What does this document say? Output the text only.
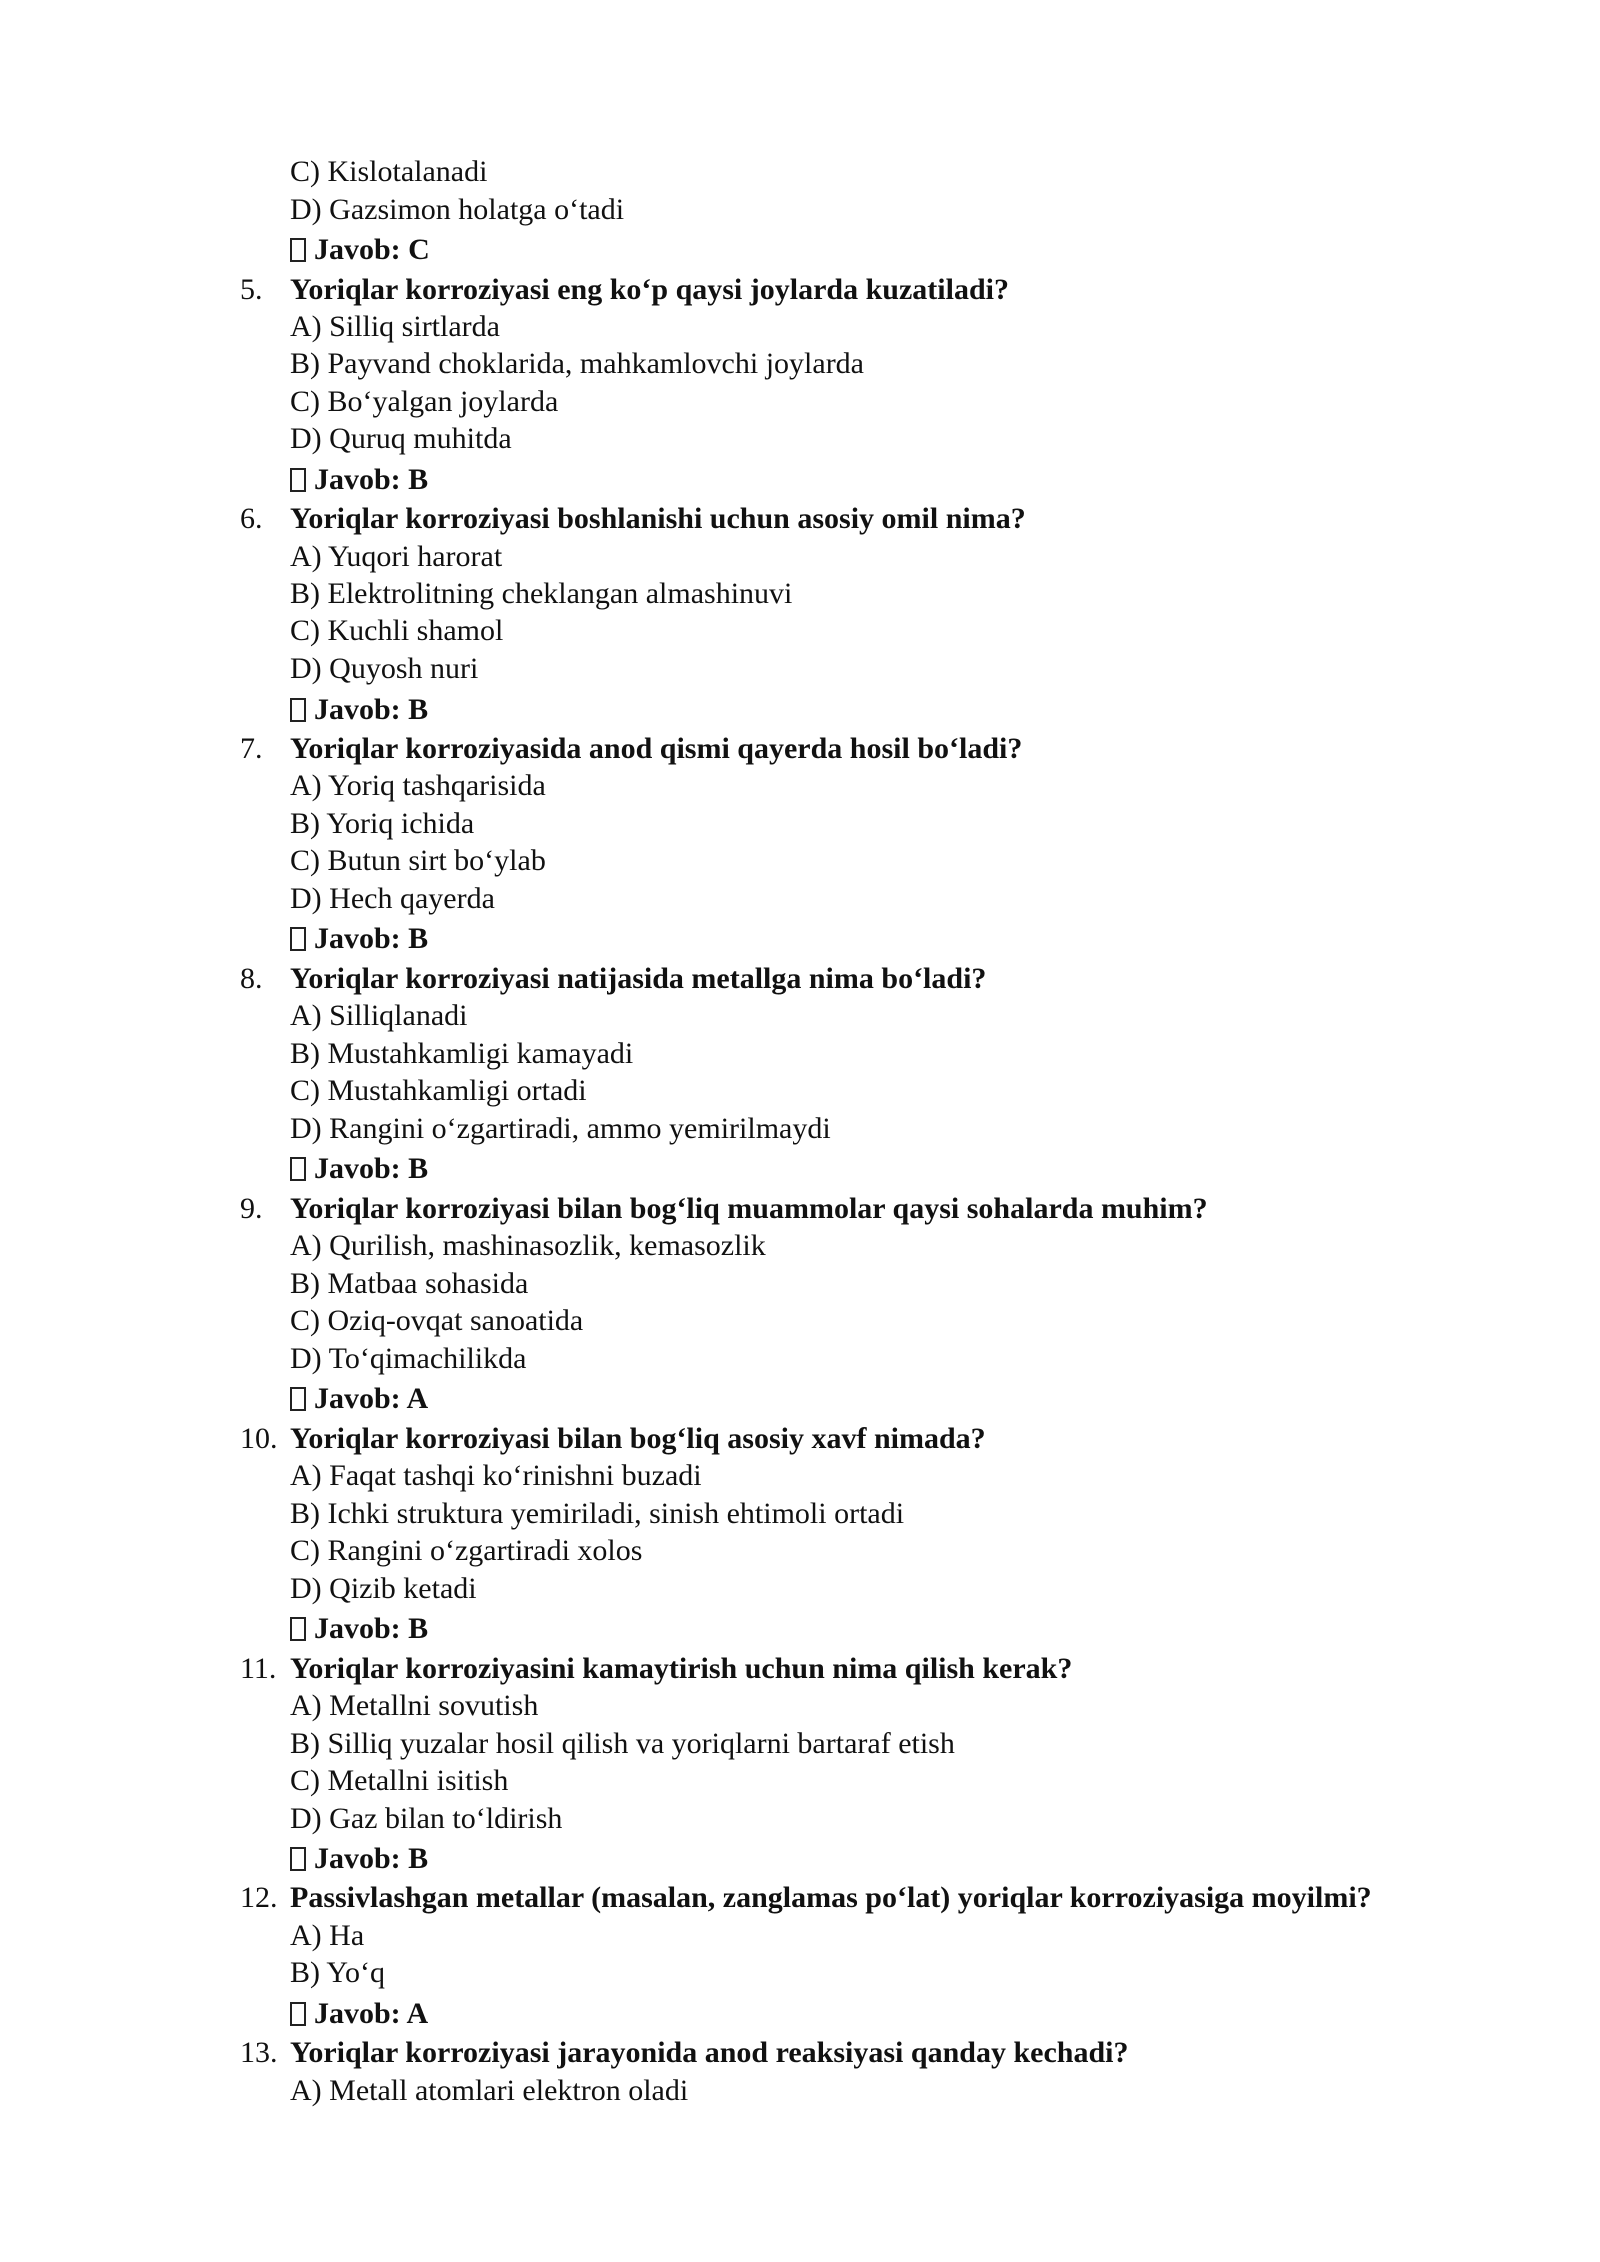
C) Kislotalanadi
D) Gazsimon holatga o‘tadi
Javob: C
5. Yoriqlar korroziyasi eng ko‘p qaysi joylarda kuzatiladi?
A) Silliq sirtlarda
B) Payvand choklarida, mahkamlovchi joylarda
C) Bo‘yalgan joylarda
D) Quruq muhitda
Javob: B
6. Yoriqlar korroziyasi boshlanishi uchun asosiy omil nima?
A) Yuqori harorat
B) Elektrolitning cheklangan almashinuvi
C) Kuchli shamol
D) Quyosh nuri
Javob: B
7. Yoriqlar korroziyasida anod qismi qayerda hosil bo‘ladi?
A) Yoriq tashqarisida
B) Yoriq ichida
C) Butun sirt bo‘ylab
D) Hech qayerda
Javob: B
8. Yoriqlar korroziyasi natijasida metallga nima bo‘ladi?
A) Silliqlanadi
B) Mustahkamligi kamayadi
C) Mustahkamligi ortadi
D) Rangini o‘zgartiradi, ammo yemirilmaydi
Javob: B
9. Yoriqlar korroziyasi bilan bog‘liq muammolar qaysi sohalarda muhim?
A) Qurilish, mashinasozlik, kemasozlik
B) Matbaa sohasida
C) Oziq-ovqat sanoatida
D) To‘qimachilikda
Javob: A
10. Yoriqlar korroziyasi bilan bog‘liq asosiy xavf nimada?
A) Faqat tashqi ko‘rinishni buzadi
B) Ichki struktura yemiriladi, sinish ehtimoli ortadi
C) Rangini o‘zgartiradi xolos
D) Qizib ketadi
Javob: B
11. Yoriqlar korroziyasini kamaytirish uchun nima qilish kerak?
A) Metallni sovutish
B) Silliq yuzalar hosil qilish va yoriqlarni bartaraf etish
C) Metallni isitish
D) Gaz bilan to‘ldirish
Javob: B
12. Passivlashgan metallar (masalan, zanglamas po‘lat) yoriqlar korroziyasiga moyilmi?
A) Ha
B) Yo‘q
Javob: A
13. Yoriqlar korroziyasi jarayonida anod reaksiyasi qanday kechadi?
A) Metall atomlari elektron oladi
